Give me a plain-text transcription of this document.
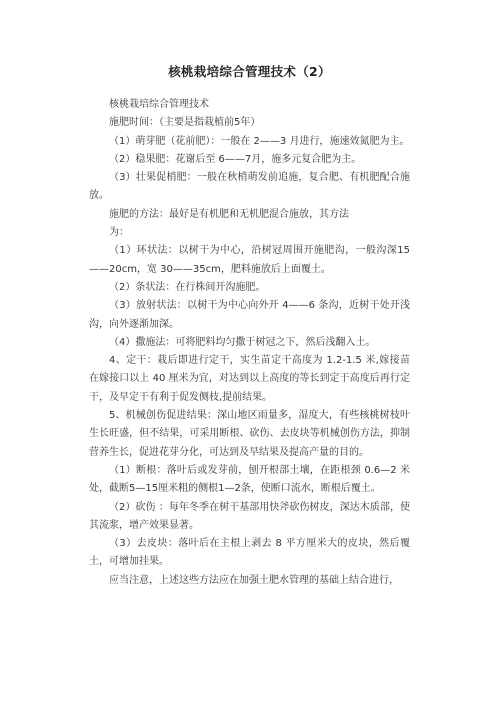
核桃栽培综合管理技术（2）

核桃栽培综合管理技术

施肥时间：（主要是指栽植前5年）

（1）萌芽肥（花前肥）：一般在 2——3 月进行，施速效氮肥为主。

（2）稳果肥：花谢后至 6——7月，施多元复合肥为主。

（3）壮果促梢肥：一般在秋梢萌发前追施，复合肥、有机肥配合施放。

施肥的方法：最好是有机肥和无机肥混合施放，其方法

为：

（1）环状法：以树干为中心，沿树冠周围开施肥沟，一般沟深15——20cm，宽 30——35cm，肥料施放后上面覆土。

（2）条状法：在行株间开沟施肥。

（3）放射状法：以树干为中心向外开 4——6 条沟，近树干处开浅沟，向外逐渐加深。

（4）撒施法：可将肥料均匀撒于树冠之下，然后浅翻入土。

4、定干：栽后即进行定干，实生苗定干高度为 1.2-1.5 米,嫁接苗在嫁接口以上 40 厘米为宜，对达到以上高度的等长到定干高度后再行定干，及早定干有利于促发侧枝,提前结果。

5、机械创伤促进结果：深山地区雨量多，湿度大，有些核桃树枝叶生长旺盛，但不结果，可采用断根、砍伤、去皮块等机械创伤方法，抑制营养生长，促进花芽分化，可达到及早结果及提高产量的目的。

（1）断根：落叶后或发芽前，刨开根部土壤，在距根颈 0.6—2 米处，截断5—15厘米粗的侧根1—2条，使断口流水，断根后覆土。

（2）砍伤 ：每年冬季在树干基部用快斧砍伤树皮，深达木质部，使其流浆，增产效果显著。

（3）去皮块：落叶后在主根上剥去 8 平方厘米大的皮块，然后覆土，可增加挂果。

应当注意，上述这些方法应在加强土肥水管理的基础上结合进行，
